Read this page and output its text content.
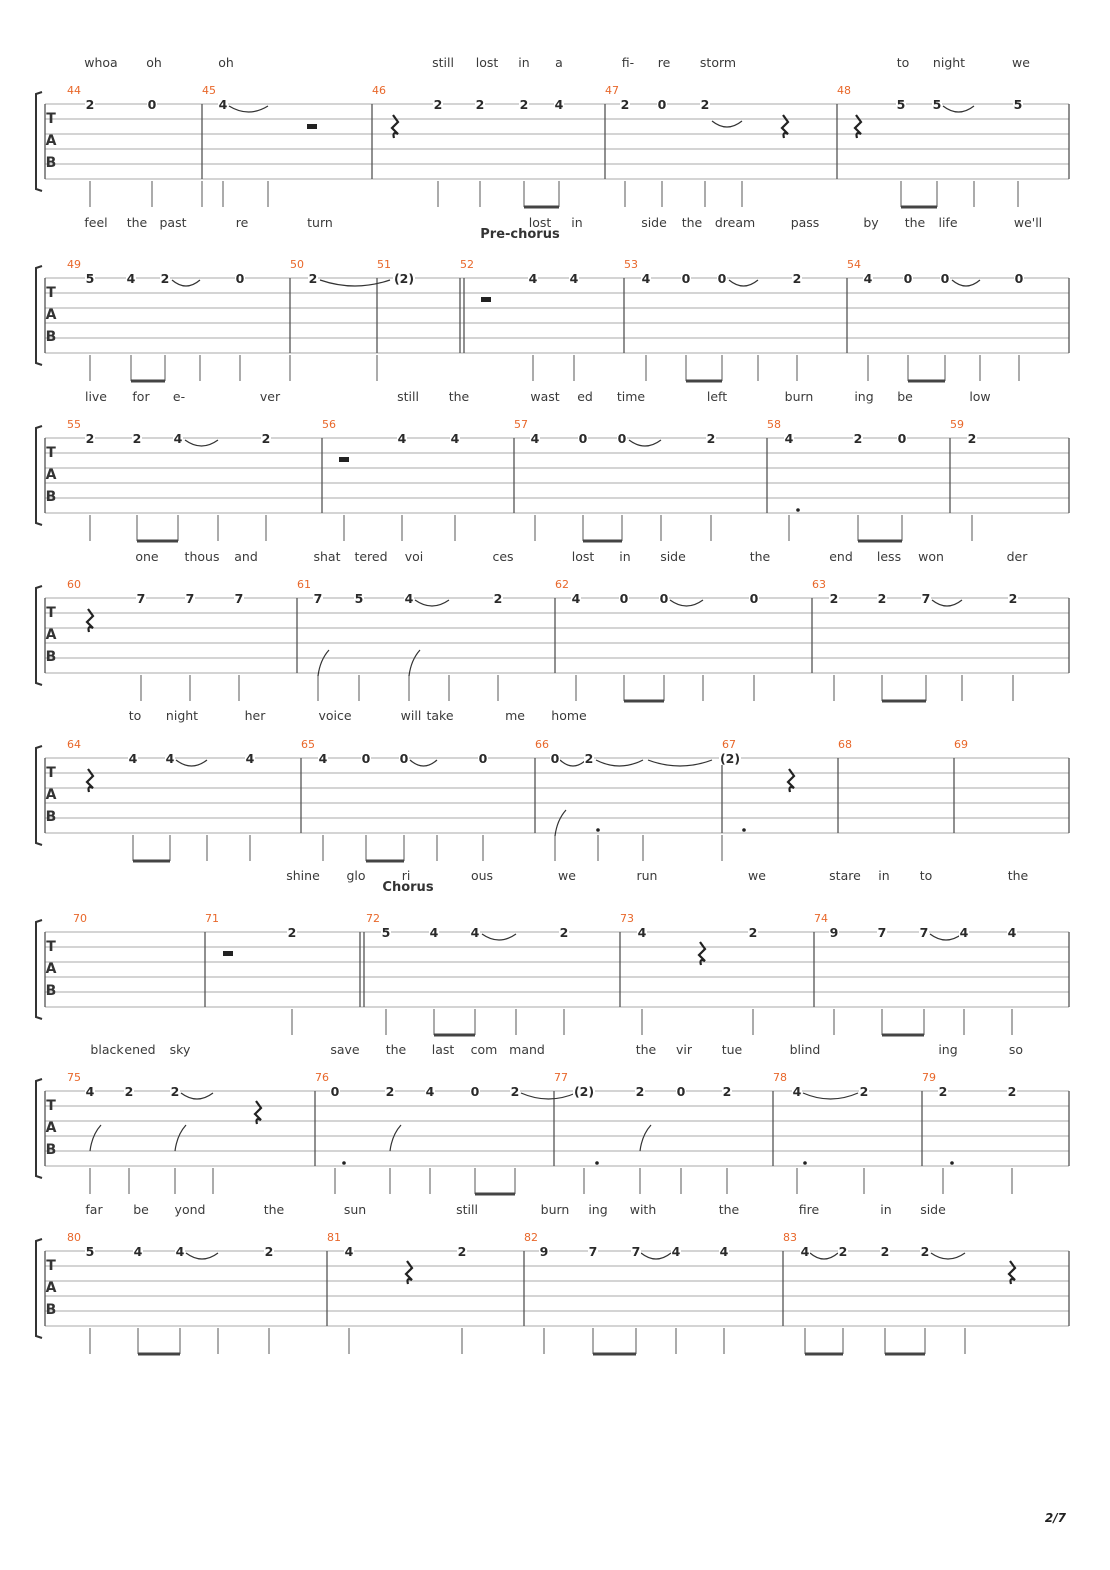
whoa oh	oh	still lost in a	fi- re storm	to night	we
T
A
B
44	45	46	47	48
2	0	4	2	2	2 4	2 0	2	5 5	5
feel the past	re	turn	lost in	side the dream	pass	by the life	we'll
Pre-chorus
T
A
B
49	50	51	52	53	54
5	4 2	0	2	(2)	4	4	4	0 0	2	4	0 0	0
live for e-	ver	still the	wast ed time	left	burn	ing be	low
T
A
B
55	56	57	58	59
2	2	4	2	4	4	4	0 0	2	4	2	0	2
one thous and	shat tered voi	ces	lost in side	the	end less won	der
T
A
B
60	61	62	63
7	7	7	7	5	4	2	4	0	0	0	2	2	7	2
to night	her	voice	will take	me home
T
A
B
64	65	66	67	68	69
4 4	4	4	0 0	0	0 2	(2)
shine glo	ri	ous	we	run	we	stare in to	the
Chorus
T
A
B
70	71	72	73	74
2	5	4	4	2	4	2	9	7	7	4	4
black ened sky	save the last com mand	the vir tue	blind	ing	so
T
A
B
75	76	77	78	79
4 2	2	0	2	4	0	2	(2)	2	0	2	4	2	2	2
far be yond	the	sun	still	burn ing with	the	fire	in side
T
A
B
80	81	82	83
5	4	4	2	4	2	9	7	7	4	4	4 2	2	2
2/7
